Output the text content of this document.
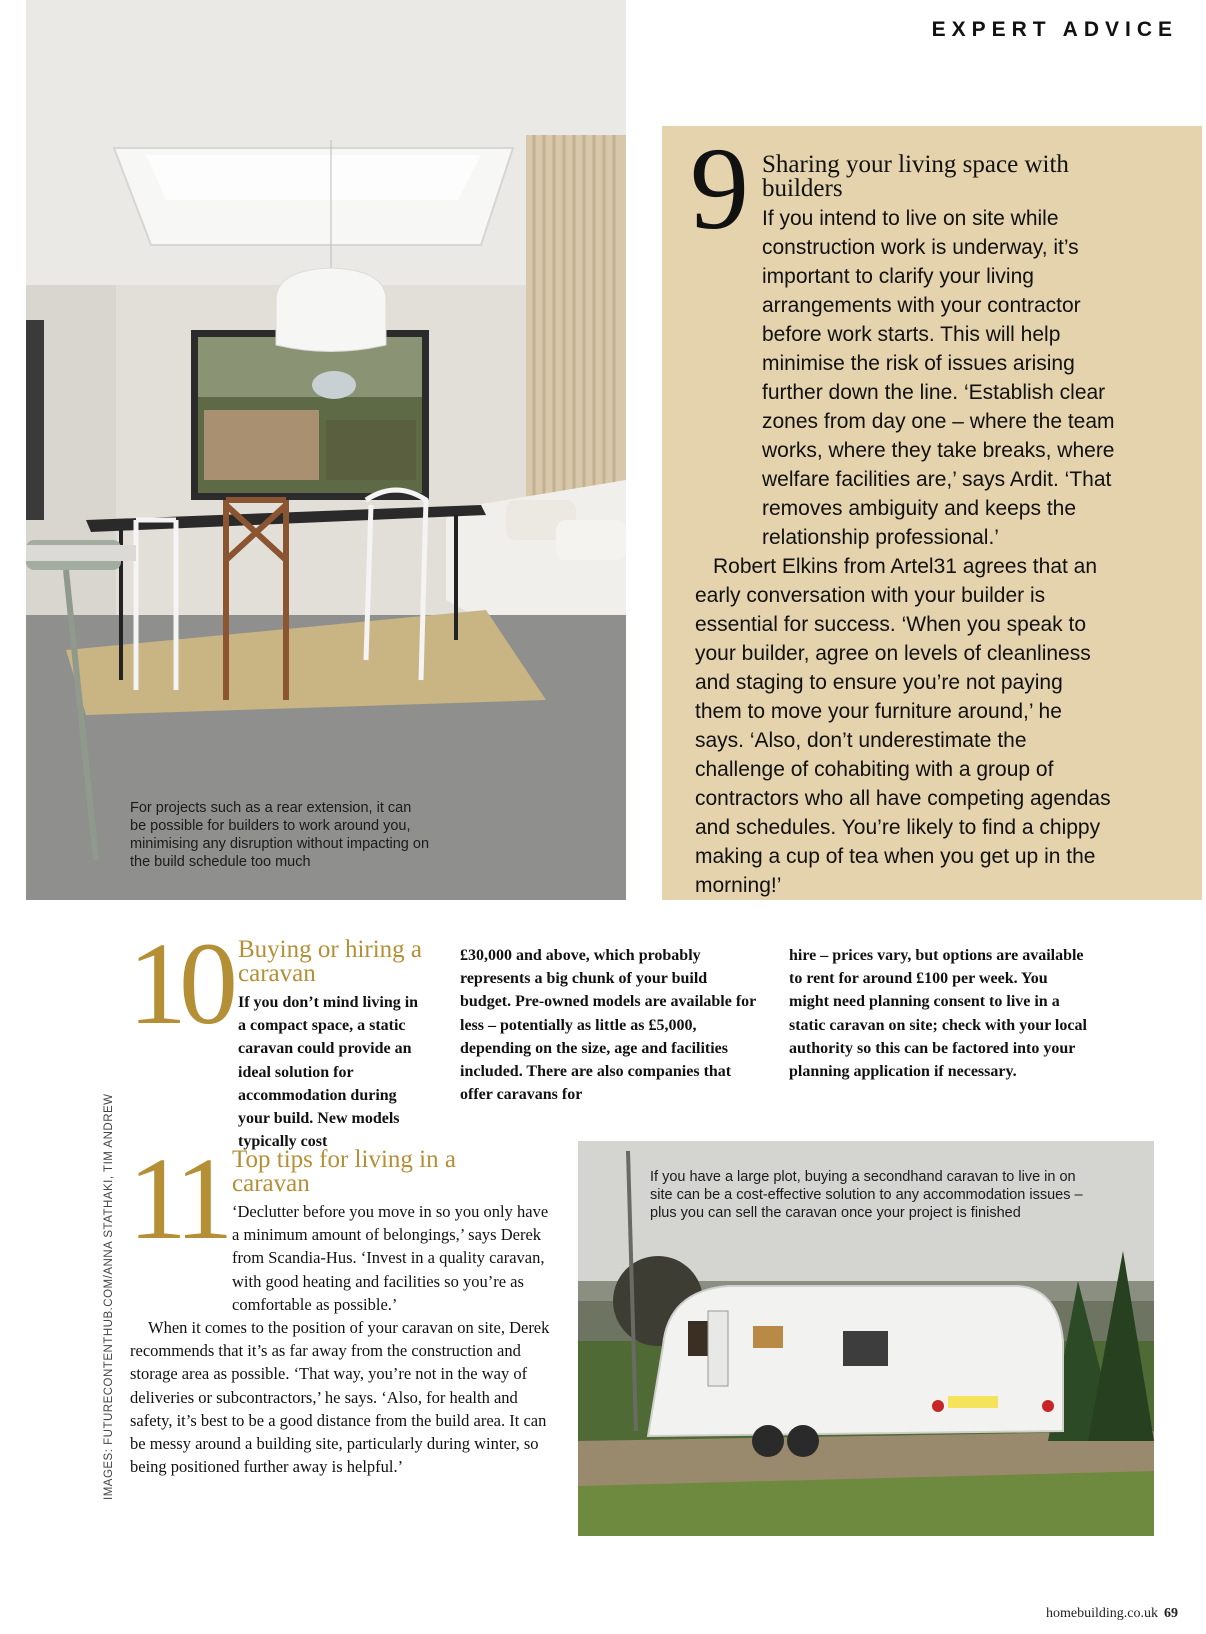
EXPERT ADVICE
For projects such as a rear extension, it can be possible for builders to work around you, minimising any disruption without impacting on the build schedule too much
9 Sharing your living space with builders

If you intend to live on site while construction work is underway, it’s important to clarify your living arrangements with your contractor before work starts. This will help minimise the risk of issues arising further down the line. ‘Establish clear zones from day one – where the team works, where they take breaks, where welfare facilities are,’ says Ardit. ‘That removes ambiguity and keeps the relationship professional.’

Robert Elkins from Artel31 agrees that an early conversation with your builder is essential for success. ‘When you speak to your builder, agree on levels of cleanliness and staging to ensure you’re not paying them to move your furniture around,’ he says. ‘Also, don’t underestimate the challenge of cohabiting with a group of contractors who all have competing agendas and schedules. You’re likely to find a chippy making a cup of tea when you get up in the morning!’

10 Buying or hiring a caravan
If you don’t mind living in a compact space, a static caravan could provide an ideal solution for accommodation during your build. New models typically cost
£30,000 and above, which probably represents a big chunk of your build budget. Pre-owned models are available for less – potentially as little as £5,000, depending on the size, age and facilities included. There are also companies that offer caravans for
hire – prices vary, but options are available to rent for around £100 per week. You might need planning consent to live in a static caravan on site; check with your local authority so this can be factored into your planning application if necessary.
11 Top tips for living in a caravan

‘Declutter before you move in so you only have a minimum amount of belongings,’ says Derek from Scandia-Hus. ‘Invest in a quality caravan, with good heating and facilities so you’re as comfortable as possible.’

When it comes to the position of your caravan on site, Derek recommends that it’s as far away from the construction and storage area as possible. ‘That way, you’re not in the way of deliveries or subcontractors,’ he says. ‘Also, for health and safety, it’s best to be a good distance from the build area. It can be messy around a building site, particularly during winter, so being positioned further away is helpful.’

IMAGES: FUTURECONTENTHUB.COM/ANNA STATHAKI, TIM ANDREW	If you have a large plot, buying a secondhand caravan to live in on site can be a cost-effective solution to any accommodation issues – plus you can sell the caravan once your project is finished
homebuilding.co.uk 69
